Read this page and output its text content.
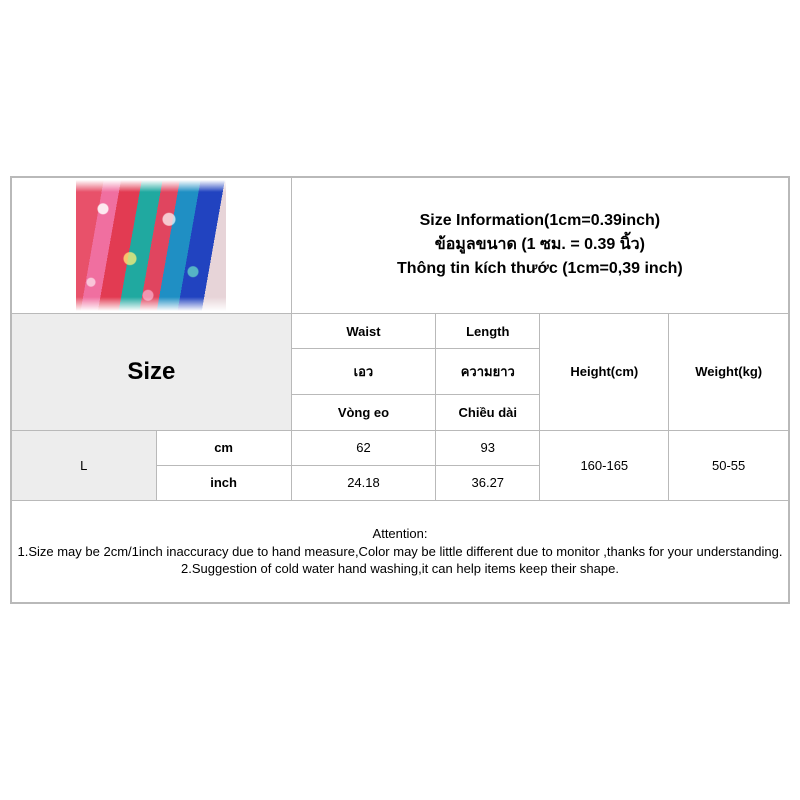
		Size Information(1cm=0.39inch)
ข้อมูลขนาด (1 ซม. = 0.39 นิ้ว)
Thông tin kích thước (1cm=0,39 inch)			

Size		Waist	Length	Height(cm)	Weight(kg)
		เอว	ความยาว		
		Vòng eo	Chiều dài		
L	cm	62	93	160-165	50-55
	inch	24.18	36.27		

Attention:
1.Size may be 2cm/1inch inaccuracy due to hand measure,Color may be little different due to monitor ,thanks for your understanding.
2.Suggestion of cold water hand washing,it can help items keep their shape.					
